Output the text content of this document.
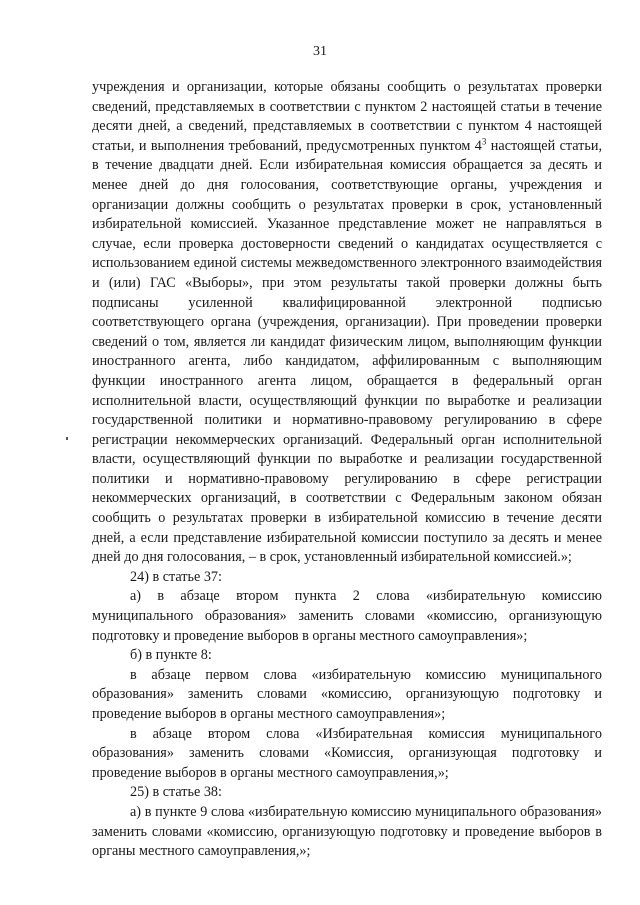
31

учреждения и организации, которые обязаны сообщить о результатах проверки сведений, представляемых в соответствии с пунктом 2 настоящей статьи в течение десяти дней, а сведений, представляемых в соответствии с пунктом 4 настоящей статьи, и выполнения требований, предусмотренных пунктом $4^3$ настоящей статьи, в течение двадцати дней. Если избирательная комиссия обращается за десять и менее дней до дня голосования, соответствующие органы, учреждения и организации должны сообщить о результатах проверки в срок, установленный избирательной комиссией. Указанное представление может не направляться в случае, если проверка достоверности сведений о кандидатах осуществляется с использованием единой системы межведомственного электронного взаимодействия и (или) ГАС «Выборы», при этом результаты такой проверки должны быть подписаны усиленной квалифицированной электронной подписью соответствующего органа (учреждения, организации). При проведении проверки сведений о том, является ли кандидат физическим лицом, выполняющим функции иностранного агента, либо кандидатом, аффилированным с выполняющим функции иностранного агента лицом, обращается в федеральный орган исполнительной власти, осуществляющий функции по выработке и реализации государственной политики и нормативно-правовому регулированию в сфере регистрации некоммерческих организаций. Федеральный орган исполнительной власти, осуществляющий функции по выработке и реализации государственной политики и нормативно-правовому регулированию в сфере регистрации некоммерческих организаций, в соответствии с Федеральным законом обязан сообщить о результатах проверки в избирательной комиссию в течение десяти дней, а если представление избирательной комиссии поступило за десять и менее дней до дня голосования, – в срок, установленный избирательной комиссией.»;

24) в статье 37:

а) в абзаце втором пункта 2 слова «избирательную комиссию муниципального образования» заменить словами «комиссию, организующую подготовку и проведение выборов в органы местного самоуправления»;

б) в пункте 8:

в абзаце первом слова «избирательную комиссию муниципального образования» заменить словами «комиссию, организующую подготовку и проведение выборов в органы местного самоуправления»;

в абзаце втором слова «Избирательная комиссия муниципального образования» заменить словами «Комиссия, организующая подготовку и проведение выборов в органы местного самоуправления,»;

25) в статье 38:

а) в пункте 9 слова «избирательную комиссию муниципального образования» заменить словами «комиссию, организующую подготовку и проведение выборов в органы местного самоуправления,»;
